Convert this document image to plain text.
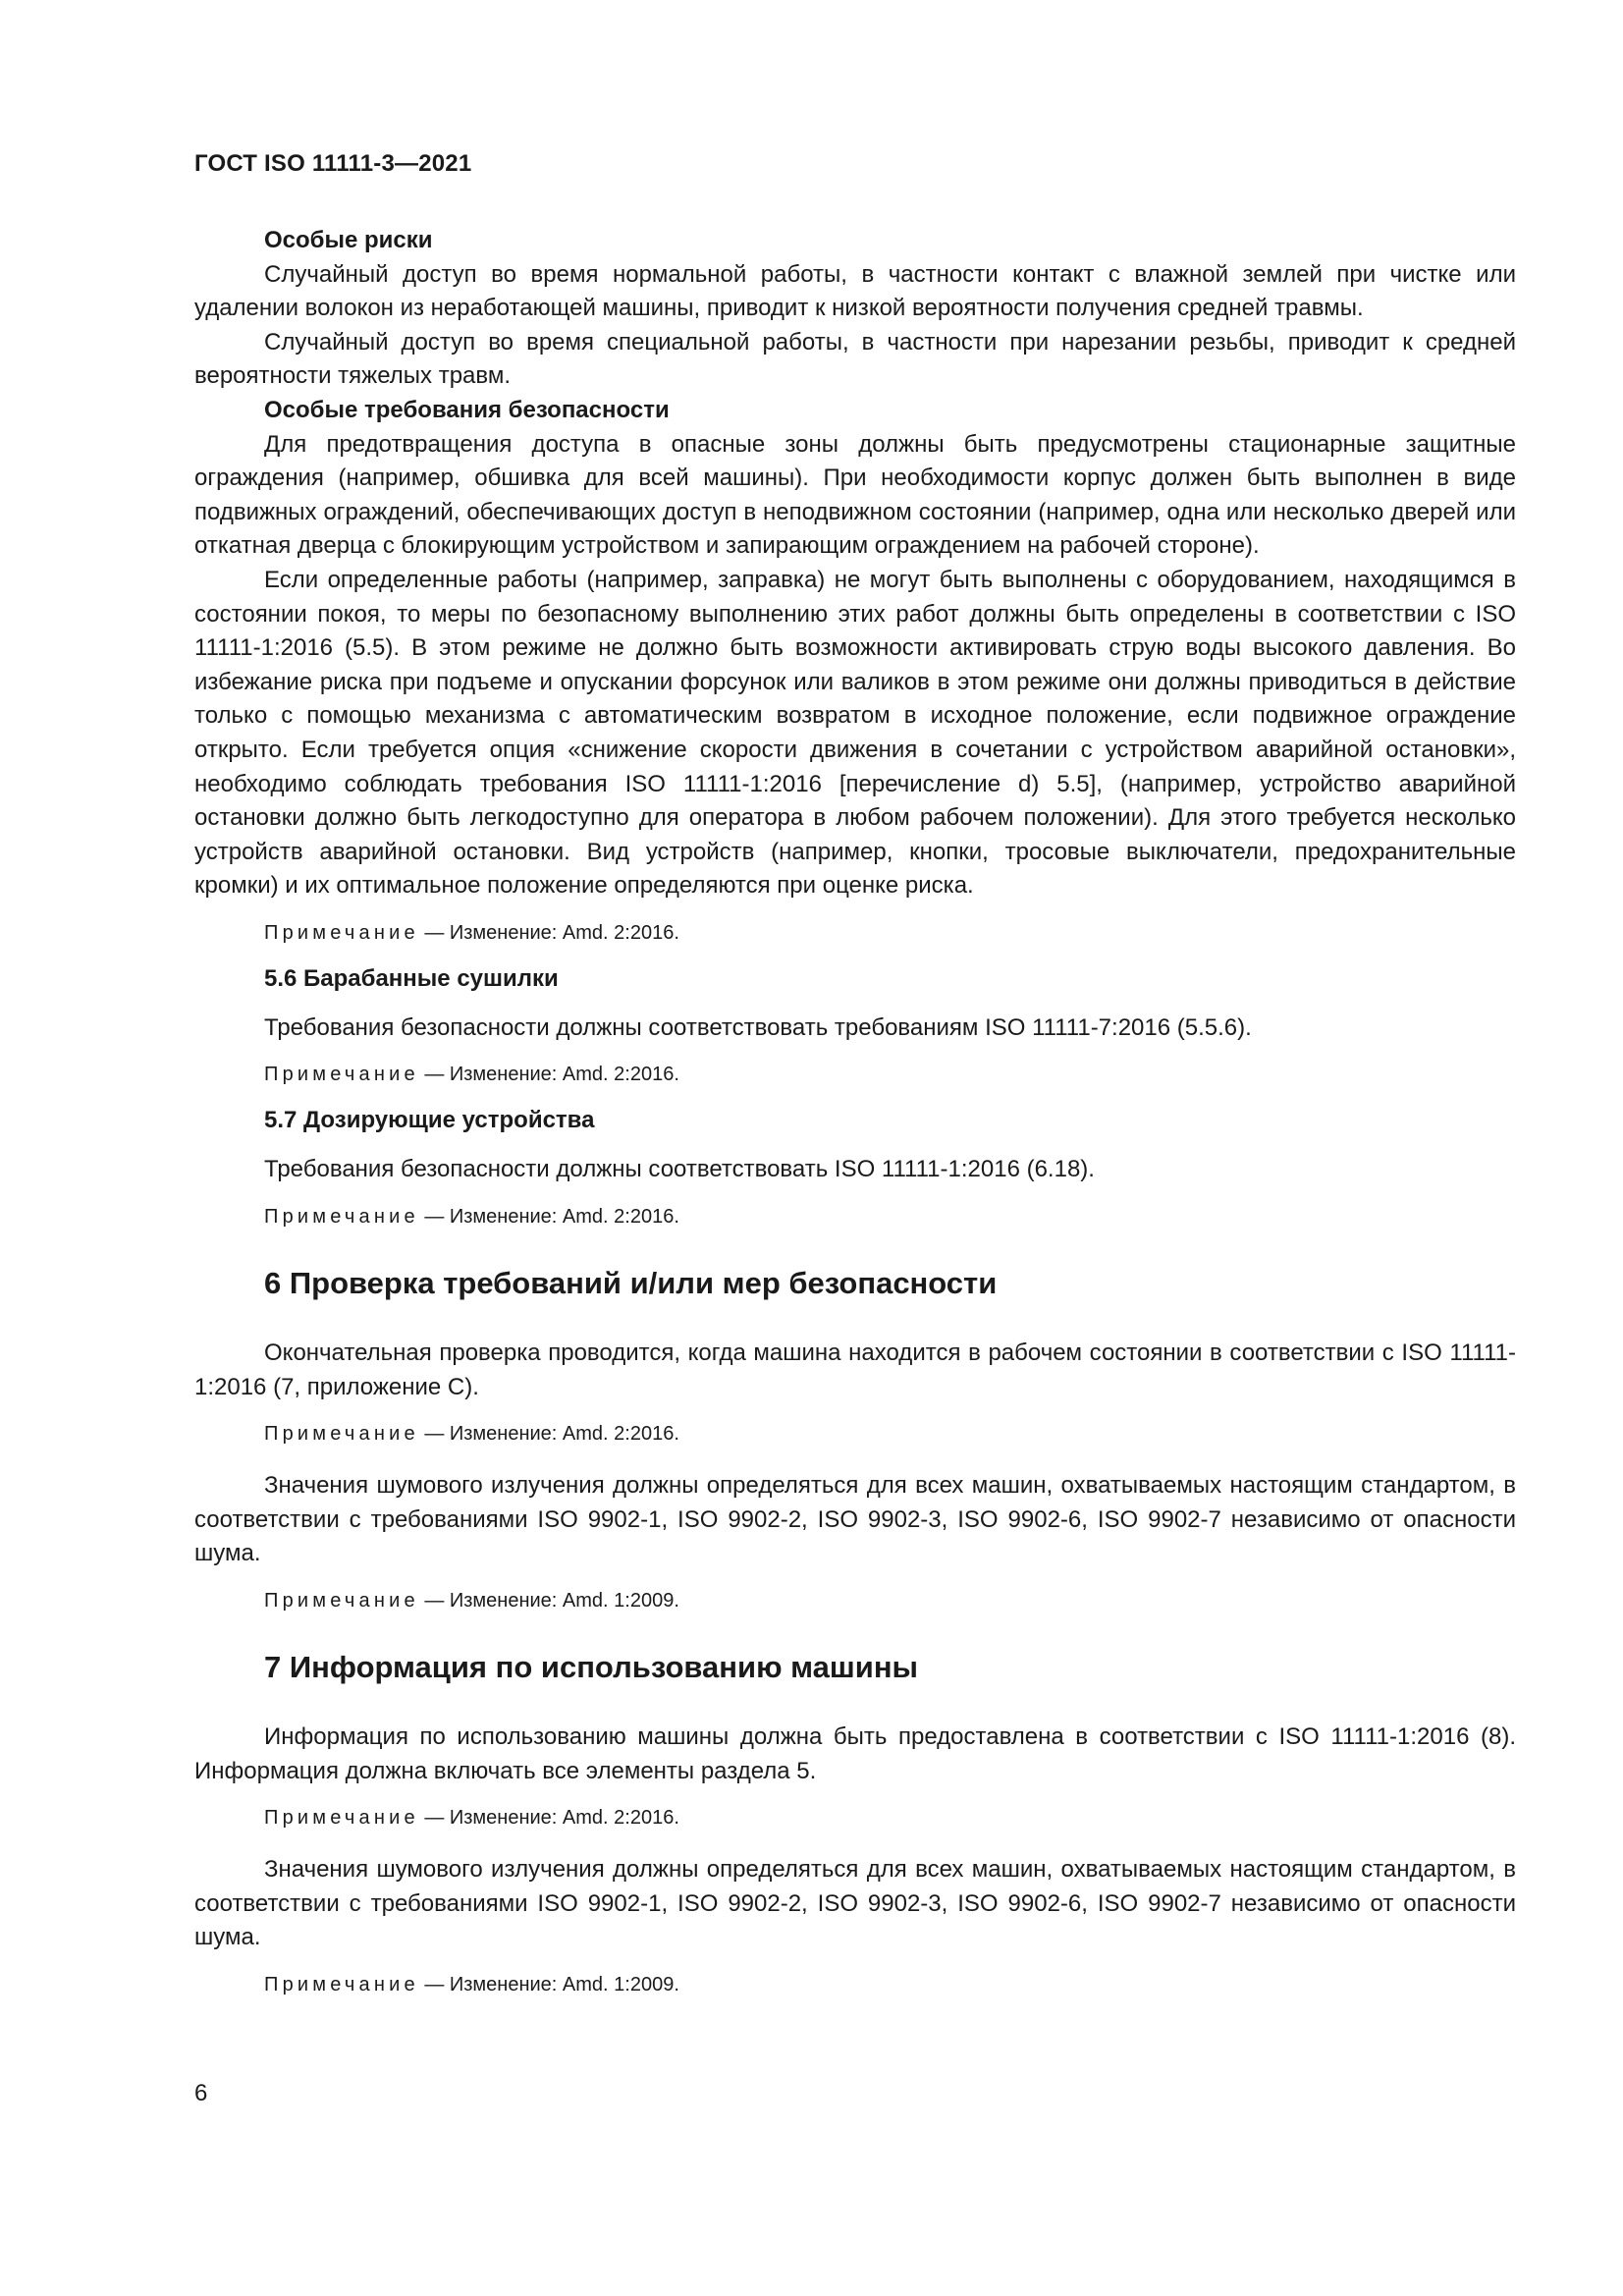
ГОСТ ISO 11111-3—2021
Особые риски

Случайный доступ во время нормальной работы, в частности контакт с влажной землей при чистке или удалении волокон из неработающей машины, приводит к низкой вероятности получения средней травмы.

Случайный доступ во время специальной работы, в частности при нарезании резьбы, приводит к средней вероятности тяжелых травм.

Особые требования безопасности

Для предотвращения доступа в опасные зоны должны быть предусмотрены стационарные защитные ограждения (например, обшивка для всей машины). При необходимости корпус должен быть выполнен в виде подвижных ограждений, обеспечивающих доступ в неподвижном состоянии (например, одна или несколько дверей или откатная дверца с блокирующим устройством и запирающим ограждением на рабочей стороне).

Если определенные работы (например, заправка) не могут быть выполнены с оборудованием, находящимся в состоянии покоя, то меры по безопасному выполнению этих работ должны быть определены в соответствии с ISO 11111-1:2016 (5.5). В этом режиме не должно быть возможности активировать струю воды высокого давления. Во избежание риска при подъеме и опускании форсунок или валиков в этом режиме они должны приводиться в действие только с помощью механизма с автоматическим возвратом в исходное положение, если подвижное ограждение открыто. Если требуется опция «снижение скорости движения в сочетании с устройством аварийной остановки», необходимо соблюдать требования ISO 11111-1:2016 [перечисление d) 5.5], (например, устройство аварийной остановки должно быть легкодоступно для оператора в любом рабочем положении). Для этого требуется несколько устройств аварийной остановки. Вид устройств (например, кнопки, тросовые выключатели, предохранительные кромки) и их оптимальное положение определяются при оценке риска.

Примечание — Изменение: Amd. 2:2016.
5.6 Барабанные сушилки

Требования безопасности должны соответствовать требованиям ISO 11111-7:2016 (5.5.6).

Примечание — Изменение: Amd. 2:2016.
5.7 Дозирующие устройства

Требования безопасности должны соответствовать ISO 11111-1:2016 (6.18).

Примечание — Изменение: Amd. 2:2016.
6 Проверка требований и/или мер безопасности

Окончательная проверка проводится, когда машина находится в рабочем состоянии в соответствии с ISO 11111-1:2016 (7, приложение С).

Примечание — Изменение: Amd. 2:2016.

Значения шумового излучения должны определяться для всех машин, охватываемых настоящим стандартом, в соответствии с требованиями ISO 9902-1, ISO 9902-2, ISO 9902-3, ISO 9902-6, ISO 9902-7 независимо от опасности шума.

Примечание — Изменение: Amd. 1:2009.
7 Информация по использованию машины

Информация по использованию машины должна быть предоставлена в соответствии с ISO 11111-1:2016 (8). Информация должна включать все элементы раздела 5.

Примечание — Изменение: Amd. 2:2016.

Значения шумового излучения должны определяться для всех машин, охватываемых настоящим стандартом, в соответствии с требованиями ISO 9902-1, ISO 9902-2, ISO 9902-3, ISO 9902-6, ISO 9902-7 независимо от опасности шума.

Примечание — Изменение: Amd. 1:2009.
6
